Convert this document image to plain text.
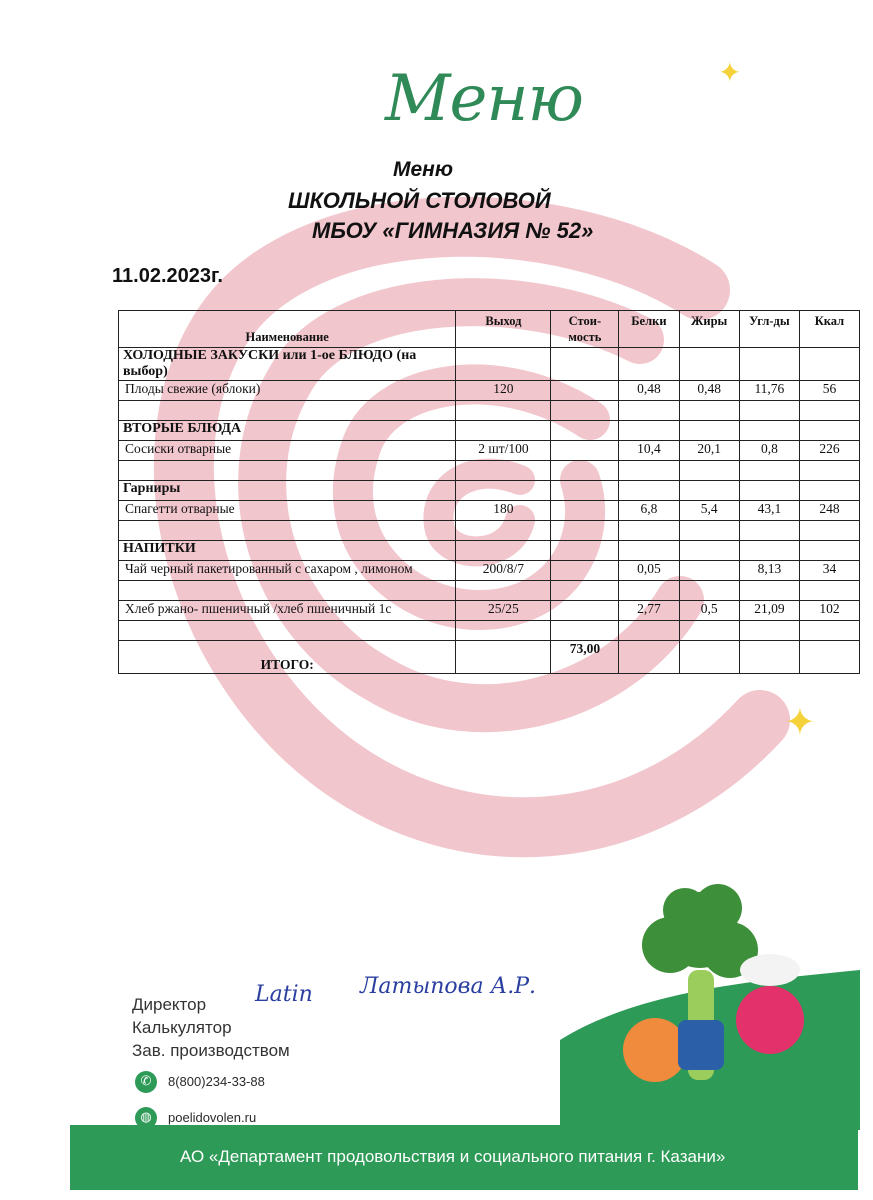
✦
✦
Меню
Меню
ШКОЛЬНОЙ СТОЛОВОЙ
МБОУ «ГИМНАЗИЯ № 52»
11.02.2023г.
Наименование	Выход	Стои-мость	Белки	Жиры	Угл-ды	Ккал
ХОЛОДНЫЕ ЗАКУСКИ или 1-ое БЛЮДО (на выбор)						
Плоды свежие (яблоки)	120		0,48	0,48	11,76	56

ВТОРЫЕ БЛЮДА						
Сосиски отварные	2 шт/100		10,4	20,1	0,8	226

Гарниры						
Спагетти отварные	180		6,8	5,4	43,1	248

НАПИТКИ						
Чай черный пакетированный с сахаром , лимоном	200/8/7		0,05		8,13	34

Хлеб ржано- пшеничный /хлеб пшеничный 1с	25/25		2,77	0,5	21,09	102

ИТОГО:		73,00				
Директор
Калькулятор
Зав. производством
Latin Латыпова А.Р.
✆	8(800)234-33-88
◍	poelidovolen.ru
АО «Департамент продовольствия и социального питания г. Казани»
